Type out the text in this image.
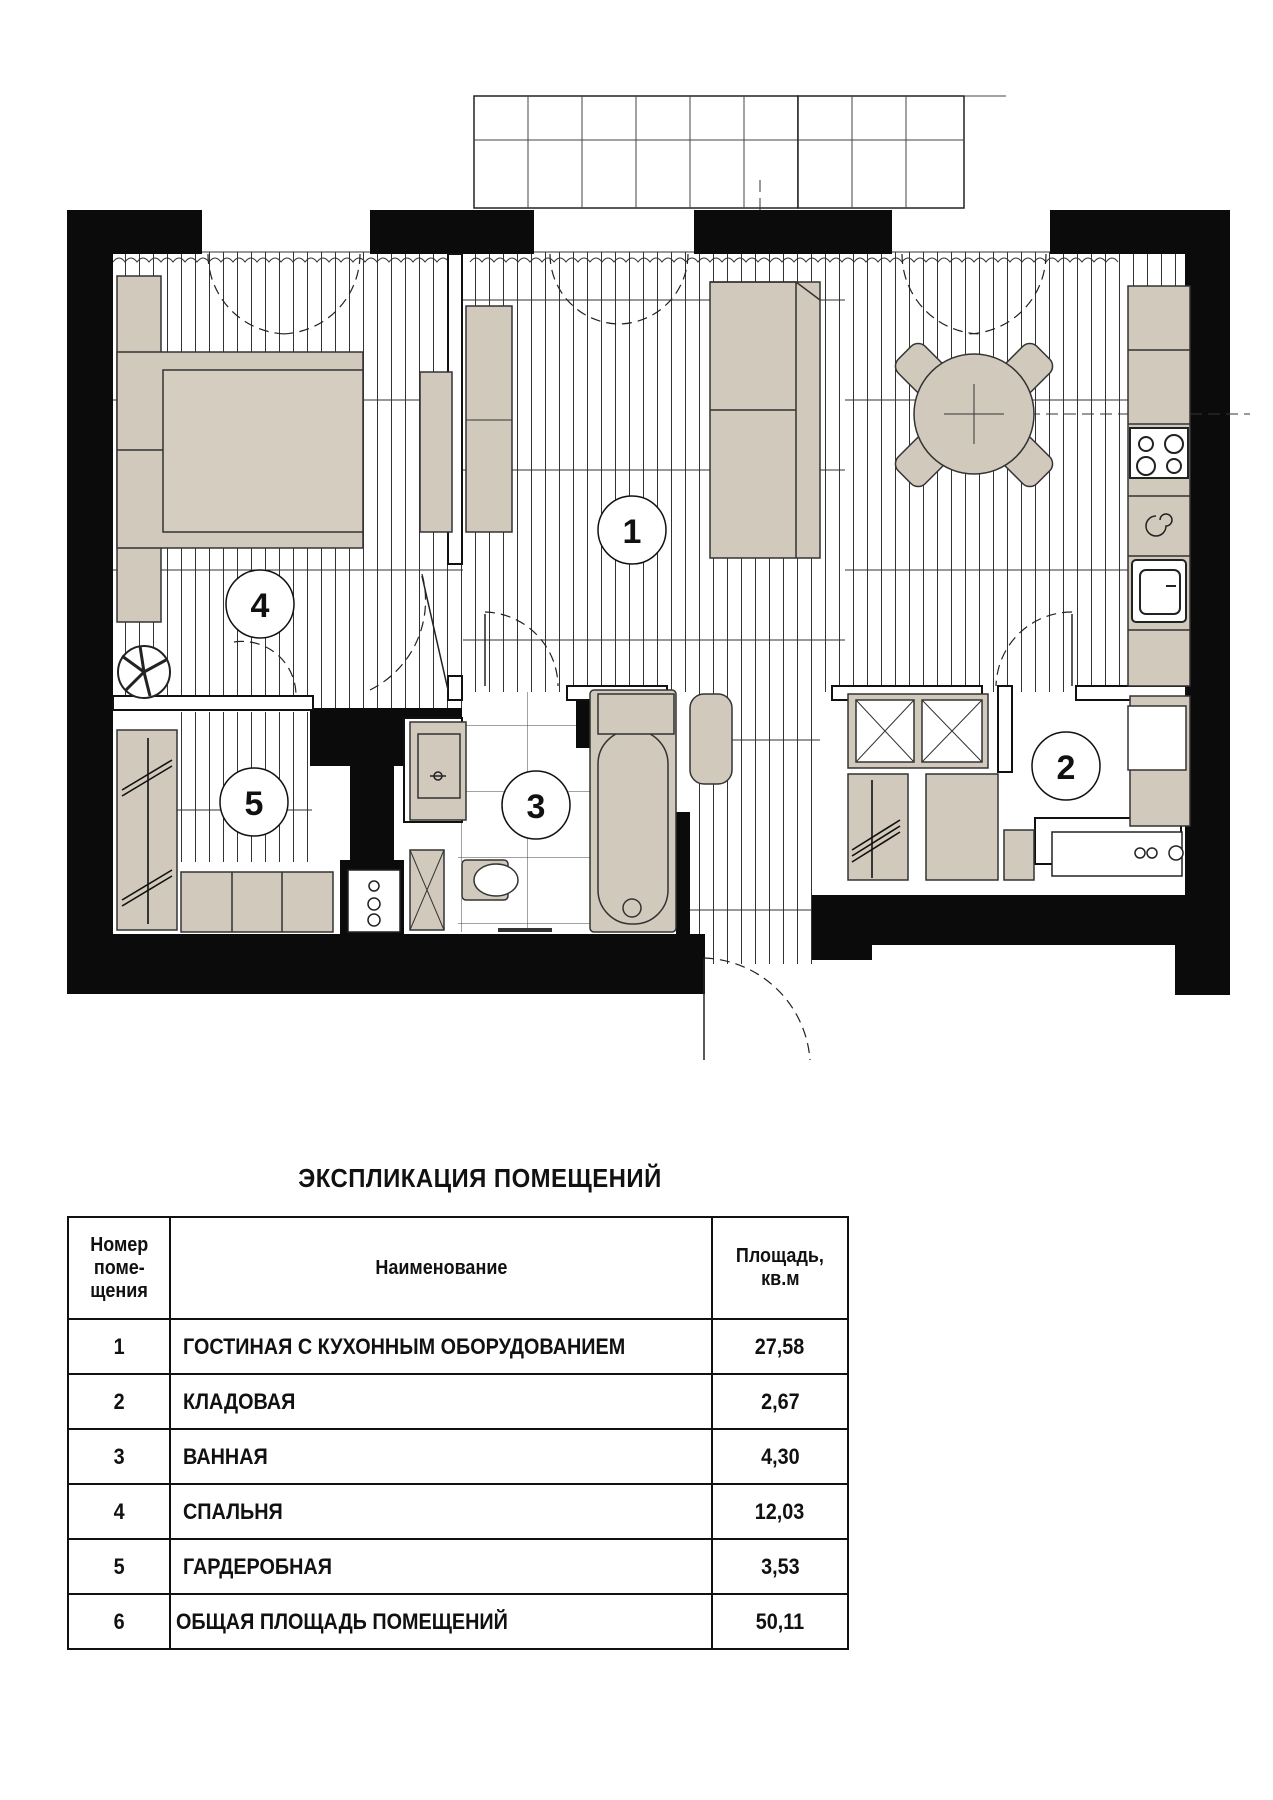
1
2
3
4
5
ЭКСПЛИКАЦИЯ ПОМЕЩЕНИЙ
Номер
поме-
щения	Наименование	Площадь,
кв.м
1	ГОСТИНАЯ С КУХОННЫМ ОБОРУДОВАНИЕМ	27,58
2	КЛАДОВАЯ	2,67
3	ВАННАЯ	4,30
4	СПАЛЬНЯ	12,03
5	ГАРДЕРОБНАЯ	3,53
6	ОБЩАЯ ПЛОЩАДЬ ПОМЕЩЕНИЙ	50,11
